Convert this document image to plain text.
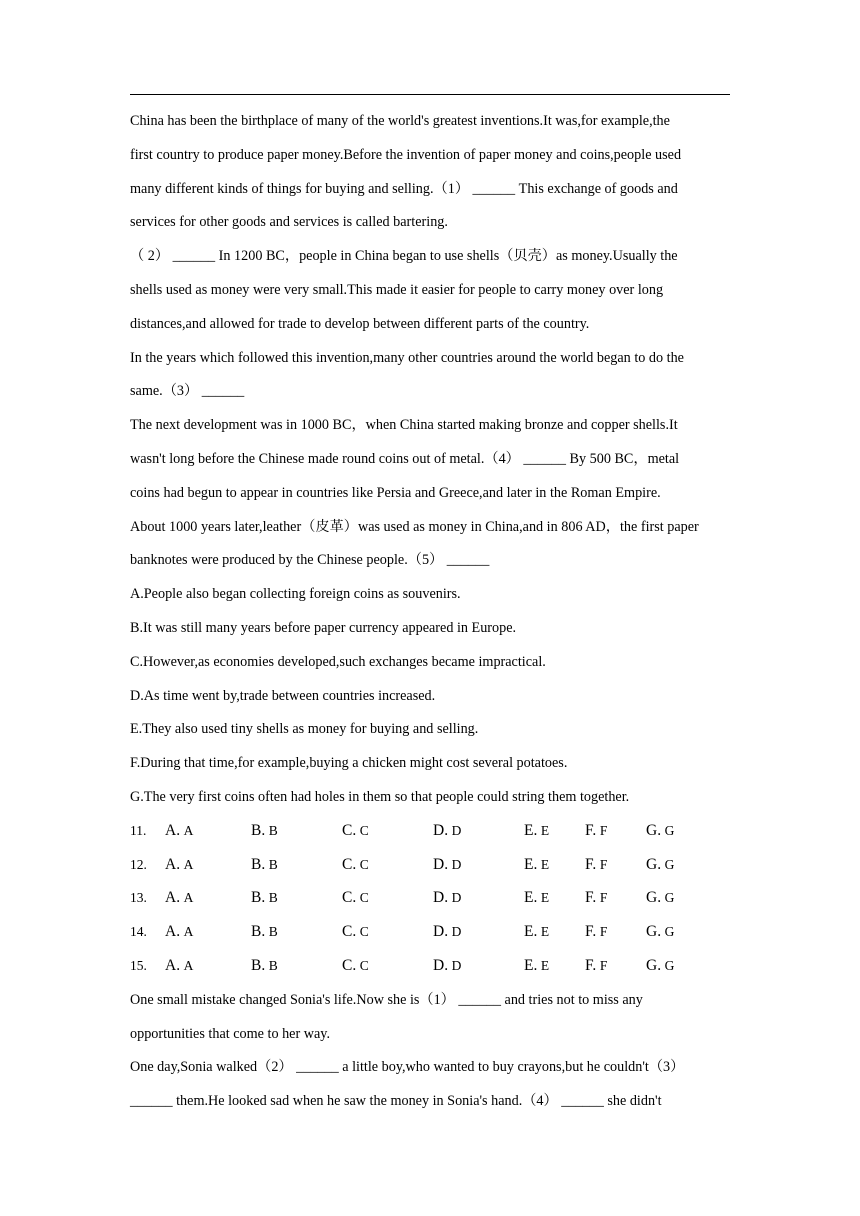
China has been the birthplace of many of the world's greatest inventions.It was,for example,the
first country to produce paper money.Before the invention of paper money and coins,people used
many different kinds of things for buying and selling.（1） ______ This exchange of goods and
services for other goods and services is called bartering.
（ 2） ______ In 1200 BC，people in China began to use shells（贝壳）as money.Usually the
shells used as money were very small.This made it easier for people to carry money over long
distances,and allowed for trade to develop between different parts of the country.
In the years which followed this invention,many other countries around the world began to do the
same.（3） ______
The next development was in 1000 BC，when China started making bronze and copper shells.It
wasn't long before the Chinese made round coins out of metal.（4） ______ By 500 BC，metal
coins had begun to appear in countries like Persia and Greece,and later in the Roman Empire.
About 1000 years later,leather（皮革）was used as money in China,and in 806 AD，the first paper
banknotes were produced by the Chinese people.（5） ______
A.People also began collecting foreign coins as souvenirs.
B.It was still many years before paper currency appeared in Europe.
C.However,as economies developed,such exchanges became impractical.
D.As time went by,trade between countries increased.
E.They also used tiny shells as money for buying and selling.
F.During that time,for example,buying a chicken might cost several potatoes.
G.The very first coins often had holes in them so that people could string them together.
11. A. A	B. B	C. C	D. D	E. E F. F G. G
12. A. A	B. B	C. C	D. D	E. E F. F G. G
13. A. A	B. B	C. C	D. D	E. E F. F G. G
14. A. A	B. B	C. C	D. D	E. E F. F G. G
15. A. A	B. B	C. C	D. D	E. E F. F G. G
One small mistake changed Sonia's life.Now she is（1） ______ and tries not to miss any
opportunities that come to her way.
One day,Sonia walked（2） ______ a little boy,who wanted to buy crayons,but he couldn't（3）
______ them.He looked sad when he saw the money in Sonia's hand.（4） ______ she didn't
